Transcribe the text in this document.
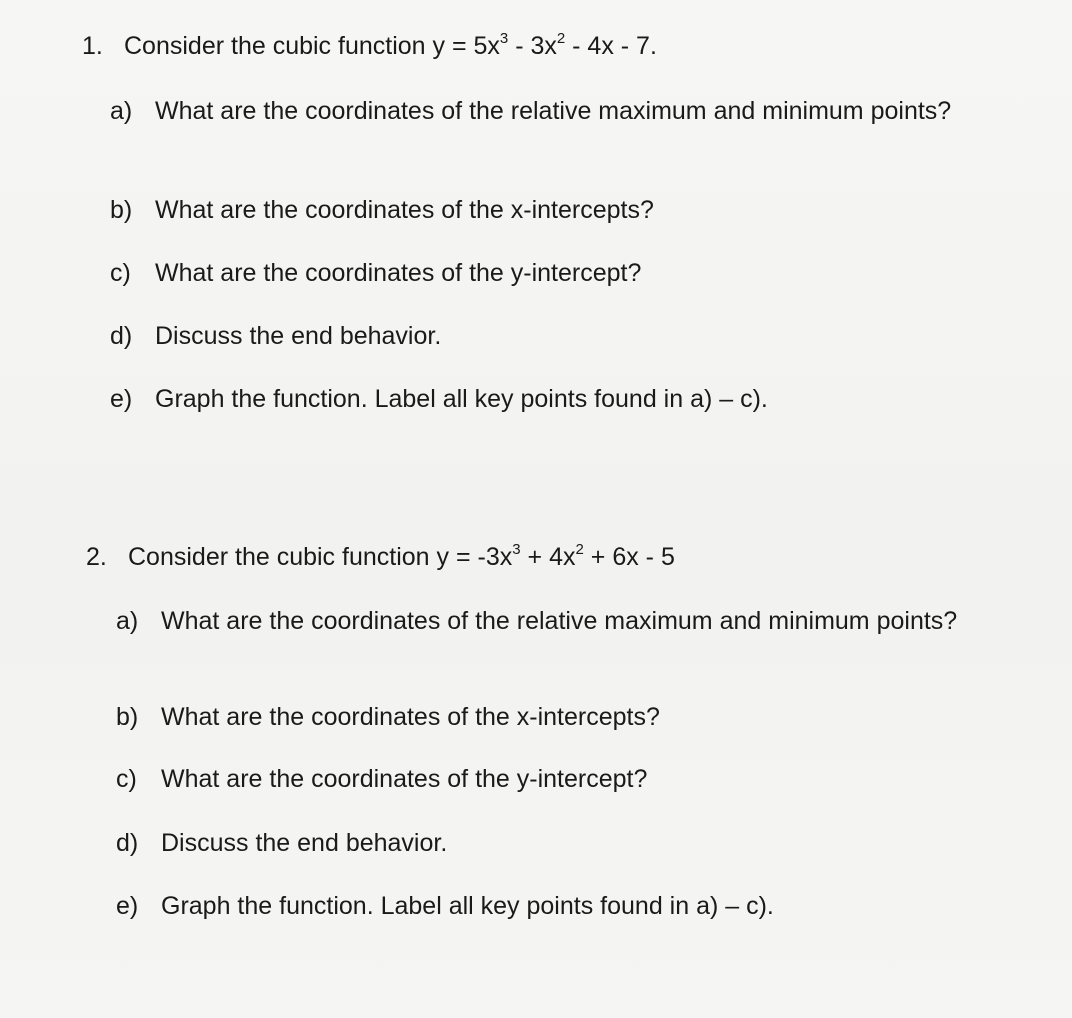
1. Consider the cubic function $y = 5x^3 - 3x^2 - 4x - 7$.
a) What are the coordinates of the relative maximum and minimum points?
b) What are the coordinates of the x-intercepts?
c) What are the coordinates of the y-intercept?
d) Discuss the end behavior.
e) Graph the function. Label all key points found in a) – c).
2. Consider the cubic function $y = -3x^3 + 4x^2 + 6x - 5$
a) What are the coordinates of the relative maximum and minimum points?
b) What are the coordinates of the x-intercepts?
c) What are the coordinates of the y-intercept?
d) Discuss the end behavior.
e) Graph the function. Label all key points found in a) – c).
